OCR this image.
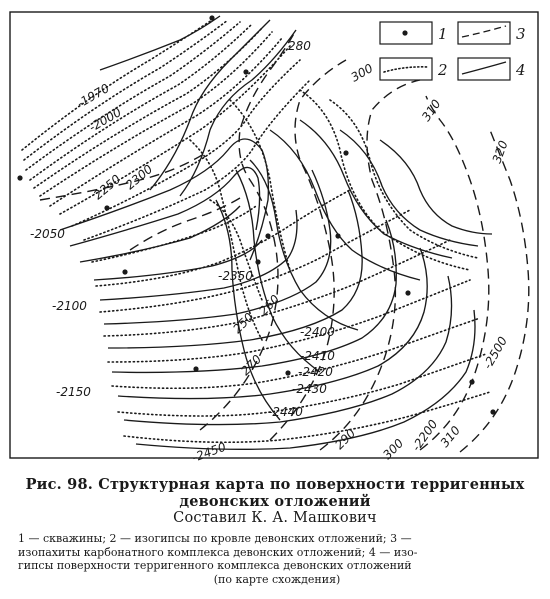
1	3
2	4
-1970
-2000
-2050
-2100
-2150
-2350
-2400
-2410
-2420
-2430
-2440
-2450
-2500
-2200
280
300
310
320
250
260
270
290 300	310
2250 2300
Рис. 98. Структурная карта по поверхности терригенных
девонских отложений
Составил К. А. Машкович
1 — скважины; 2 — изогипсы по кровле девонских отложений; 3 —
изопахиты карбонатного комплекса девонских отложений; 4 — изо-
гипсы поверхности терригенного комплекса девонских отложений
(по карте схождения)
